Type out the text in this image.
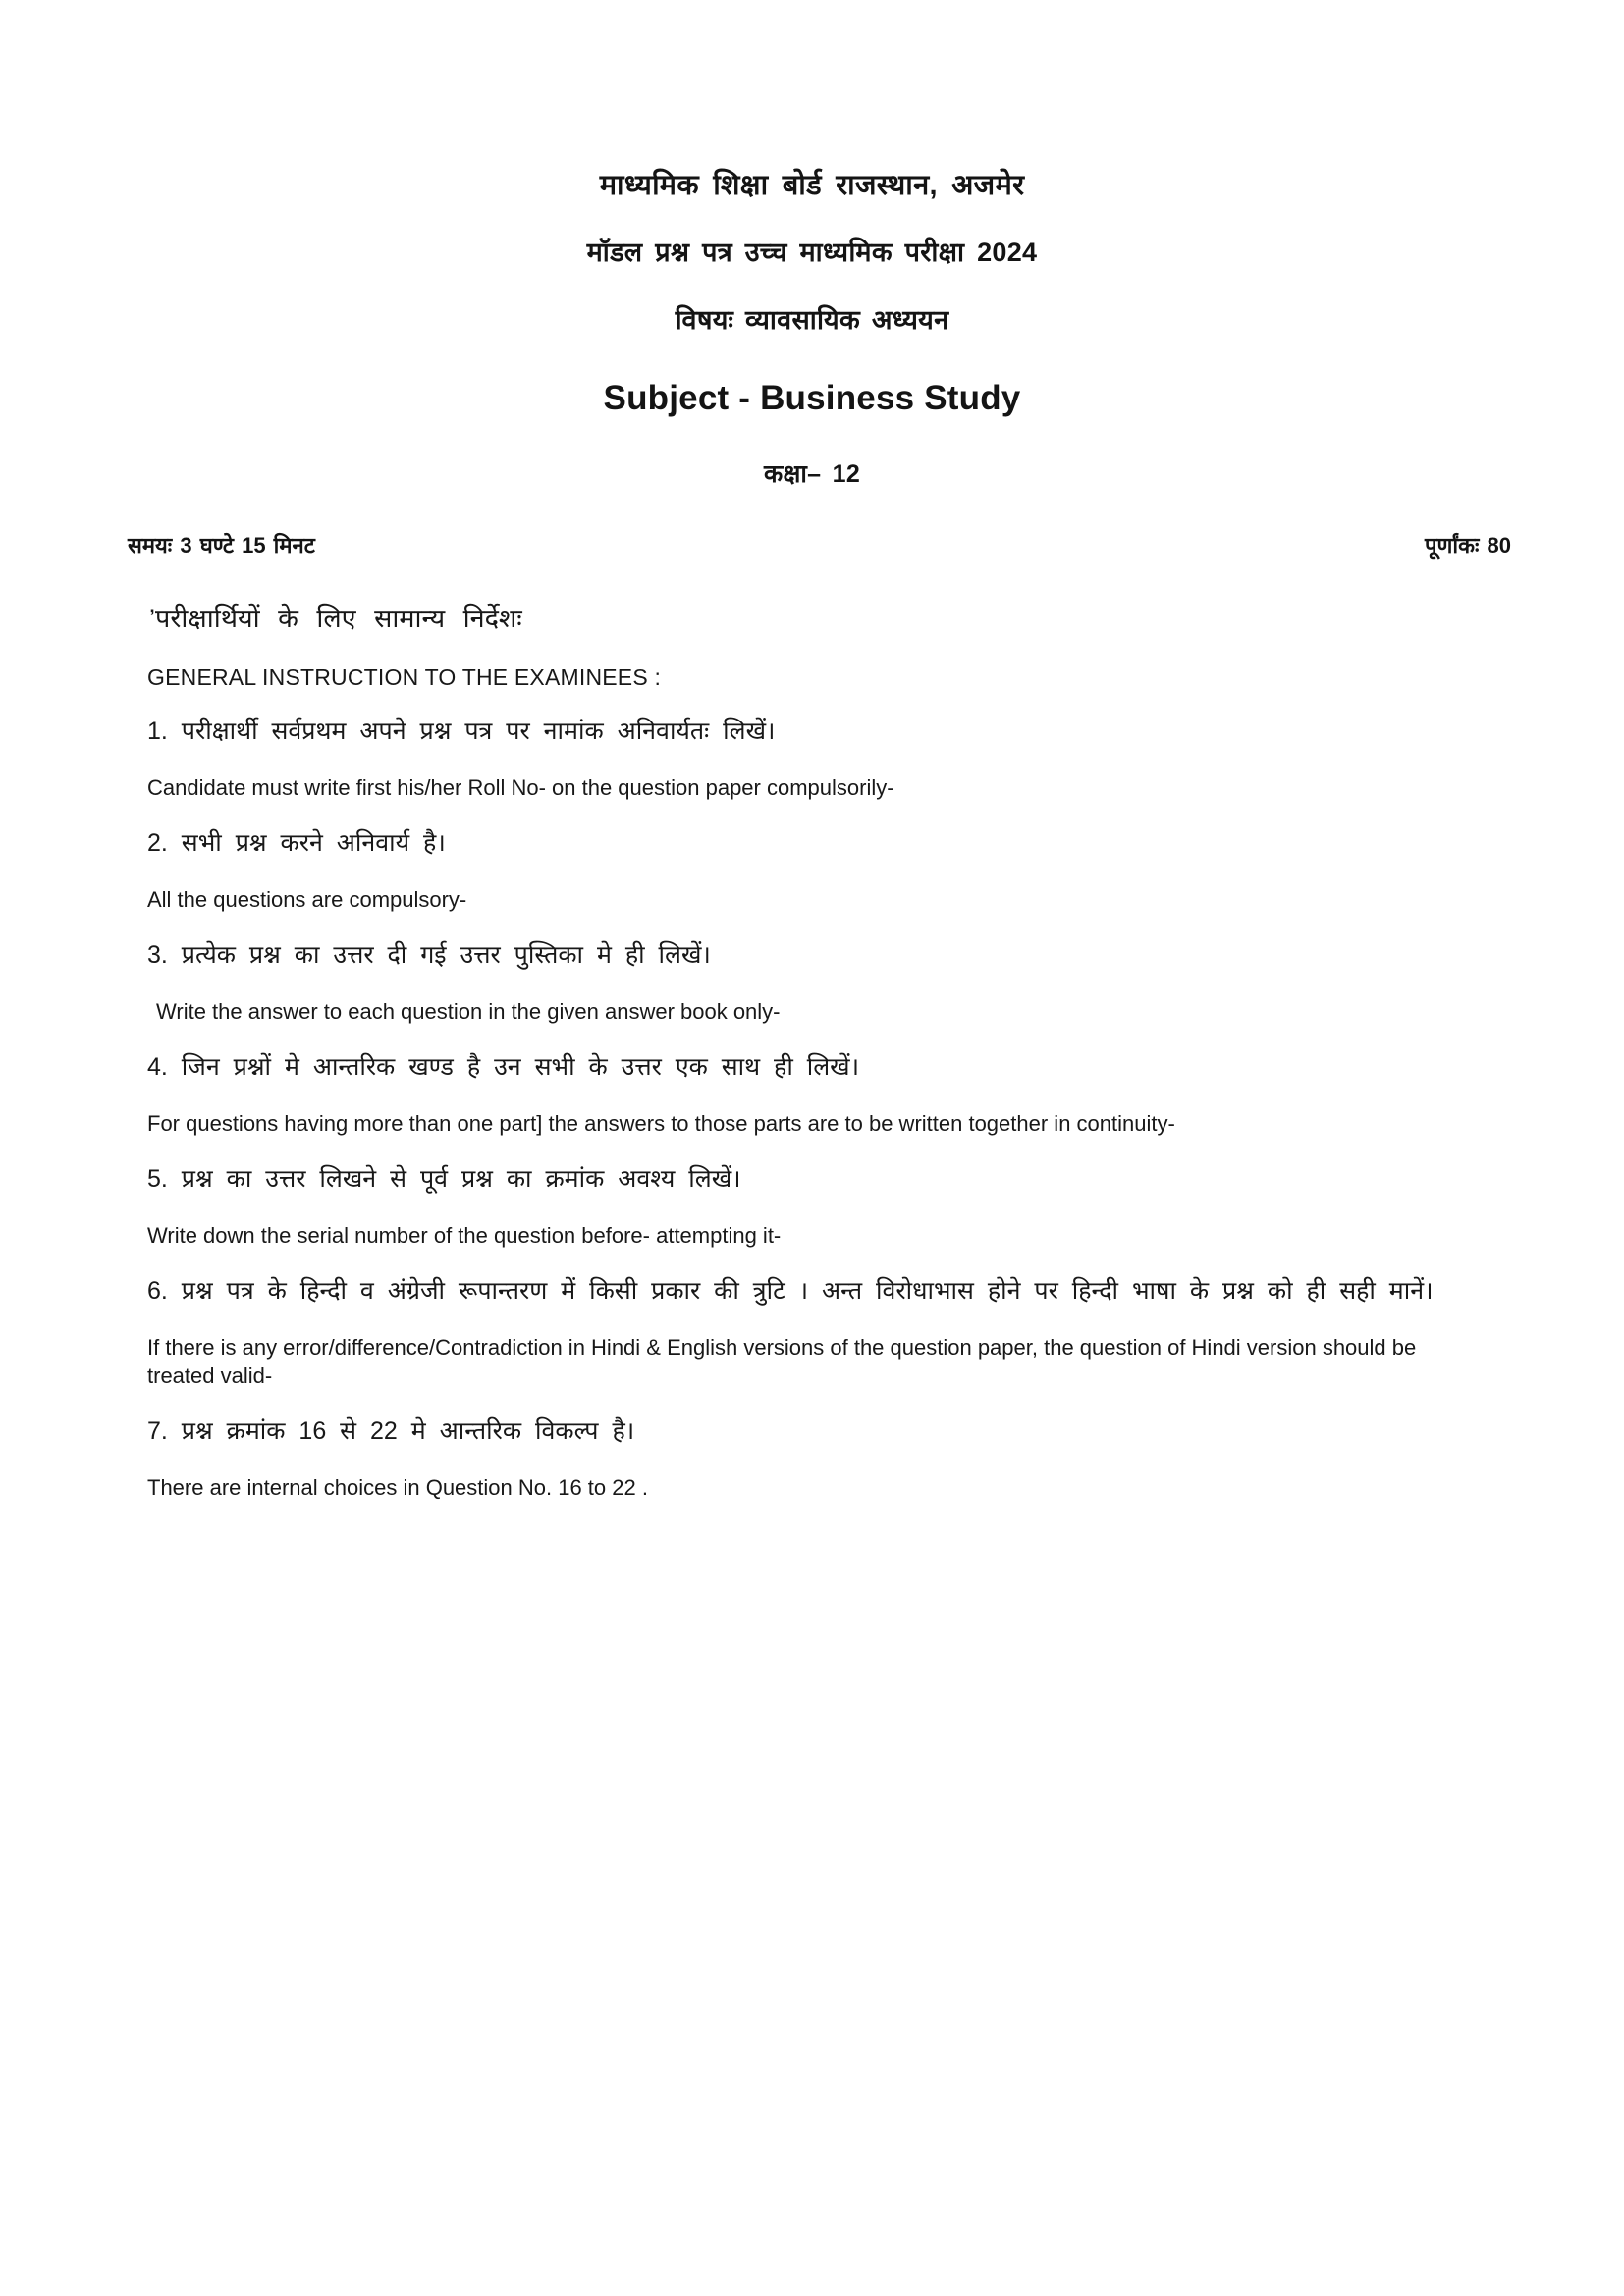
माध्यमिक शिक्षा बोर्ड राजस्थान, अजमेर
मॉडल प्रश्न पत्र उच्च माध्यमिक परीक्षा 2024
विषयः व्यावसायिक अध्ययन
Subject - Business Study
कक्षा– 12
समयः 3 घण्टे 15 मिनट	पूर्णांकः 80
’परीक्षार्थियों के लिए सामान्य निर्देशः
GENERAL INSTRUCTION TO THE EXAMINEES :
1. परीक्षार्थी सर्वप्रथम अपने प्रश्न पत्र पर नामांक अनिवार्यतः लिखें।
Candidate must write first his/her Roll No- on the question paper compulsorily-
2. सभी प्रश्न करने अनिवार्य है।
All the questions are compulsory-
3. प्रत्येक प्रश्न का उत्तर दी गई उत्तर पुस्तिका मे ही लिखें।
Write the answer to each question in the given answer book only-
4. जिन प्रश्नों मे आन्तरिक खण्ड है उन सभी के उत्तर एक साथ ही लिखें।
For questions having more than one part] the answers to those parts are to be written together in continuity-
5. प्रश्न का उत्तर लिखने से पूर्व प्रश्न का क्रमांक अवश्य लिखें।
Write down the serial number of the question before- attempting it-
6. प्रश्न पत्र के हिन्दी व अंग्रेजी रूपान्तरण में किसी प्रकार की त्रुटि । अन्त विरोधाभास होने पर हिन्दी भाषा के प्रश्न को ही सही मानें।
If there is any error/difference/Contradiction in Hindi & English versions of the question paper, the question of Hindi version should be treated valid-
7. प्रश्न क्रमांक 16 से 22 मे आन्तरिक विकल्प है।
There are internal choices in Question No. 16 to 22 .
